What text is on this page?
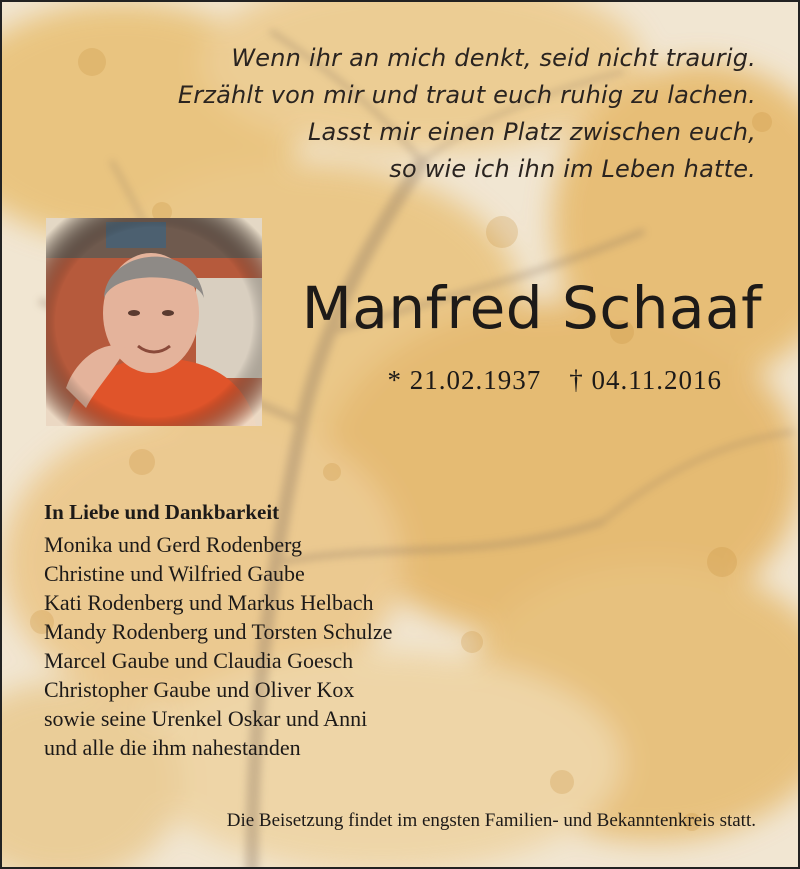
Wenn ihr an mich denkt, seid nicht traurig.
Erzählt von mir und traut euch ruhig zu lachen.
Lasst mir einen Platz zwischen euch,
so wie ich ihn im Leben hatte.
Manfred Schaaf
* 21.02.1937 † 04.11.2016
In Liebe und Dankbarkeit
Monika und Gerd Rodenberg
Christine und Wilfried Gaube
Kati Rodenberg und Markus Helbach
Mandy Rodenberg und Torsten Schulze
Marcel Gaube und Claudia Goesch
Christopher Gaube und Oliver Kox
sowie seine Urenkel Oskar und Anni
und alle die ihm nahestanden
Die Beisetzung findet im engsten Familien- und Bekanntenkreis statt.
